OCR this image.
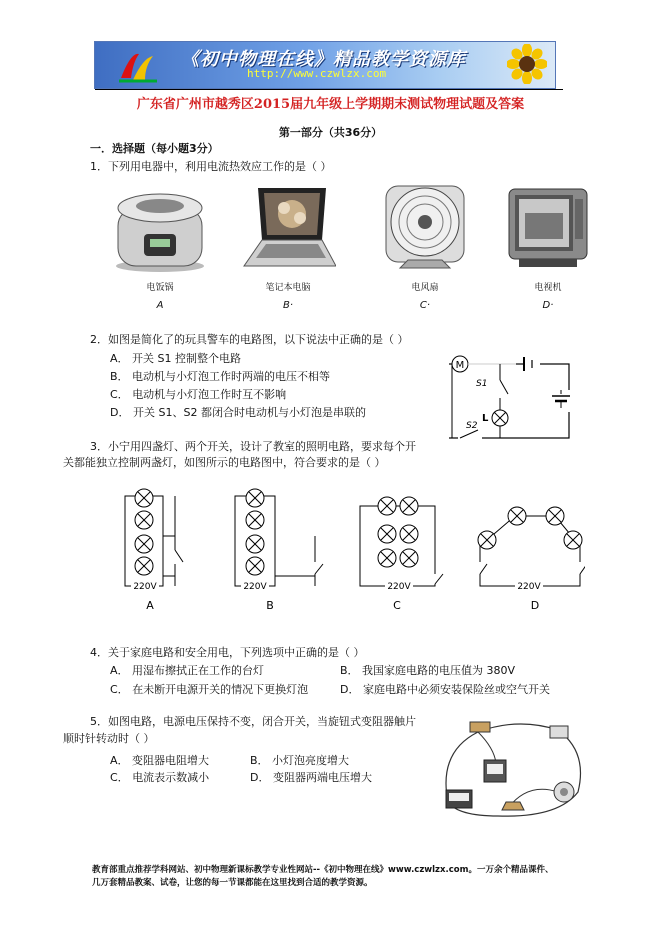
《初中物理在线》精品教学资源库
http://www.czwlzx.com
广东省广州市越秀区2015届九年级上学期期末测试物理试题及答案
第一部分（共36分）
一．选择题（每小题3分）
1．下列用电器中，利用电流热效应工作的是（ ）
电饭锅	笔记本电脑	电风扇	电视机
A	B·	C·	D·
2．如图是简化了的玩具警车的电路图，以下说法中正确的是（ ）
A． 开关 S1 控制整个电路
B． 电动机与小灯泡工作时两端的电压不相等
C． 电动机与小灯泡工作时互不影响
D． 开关 S1、S2 都闭合时电动机与小灯泡是串联的
M
S1
L
S2
3．小宁用四盏灯、两个开关，设计了教室的照明电路，要求每个开
关都能独立控制两盏灯，如图所示的电路图中，符合要求的是（ ）
220V	220V	220V	220V
A	B	C	D
4．关于家庭电路和安全用电，下列选项中正确的是（ ）
A． 用湿布擦拭正在工作的台灯	B． 我国家庭电路的电压值为 380V
C． 在未断开电源开关的情况下更换灯泡	D． 家庭电路中必须安装保险丝或空气开关
5．如图电路，电源电压保持不变，闭合开关，当旋钮式变阻器触片
顺时针转动时（ ）
A． 变阻器电阻增大	B． 小灯泡亮度增大
C． 电流表示数减小	D． 变阻器两端电压增大
教育部重点推荐学科网站、初中物理新课标教学专业性网站--《初中物理在线》www.czwlzx.com。一万余个精品课件、
几万套精品教案、试卷，让您的每一节课都能在这里找到合适的教学资源。
